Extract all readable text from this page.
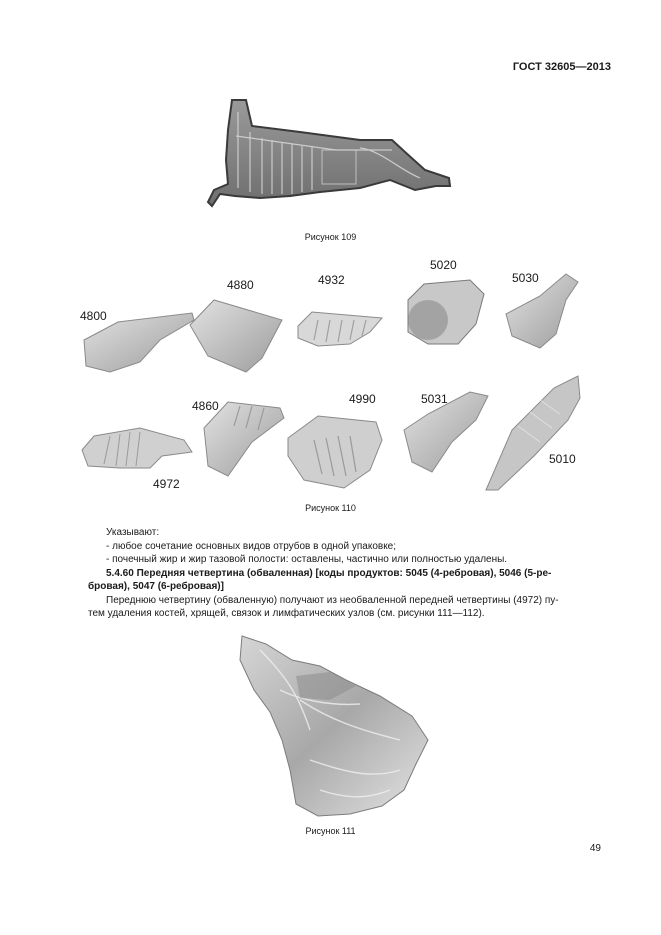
ГОСТ 32605—2013
Рисунок 109
4800
4880	4932
5020
5030
4972
4860	4990	5031
5010
Рисунок 110

Указывают:

- любое сочетание основных видов отрубов в одной упаковке;

- почечный жир и жир тазовой полости: оставлены, частично или полностью удалены.

5.4.60 Передняя четвертина (обваленная) [коды продуктов: 5045 (4-ребровая), 5046 (5-ре-

бровая), 5047 (6-ребровая)]

Переднюю четвертину (обваленную) получают из необваленной передней четвертины (4972) пу-

тем удаления костей, хрящей, связок и лимфатических узлов (см. рисунки 111—112).

Рисунок 111
49
